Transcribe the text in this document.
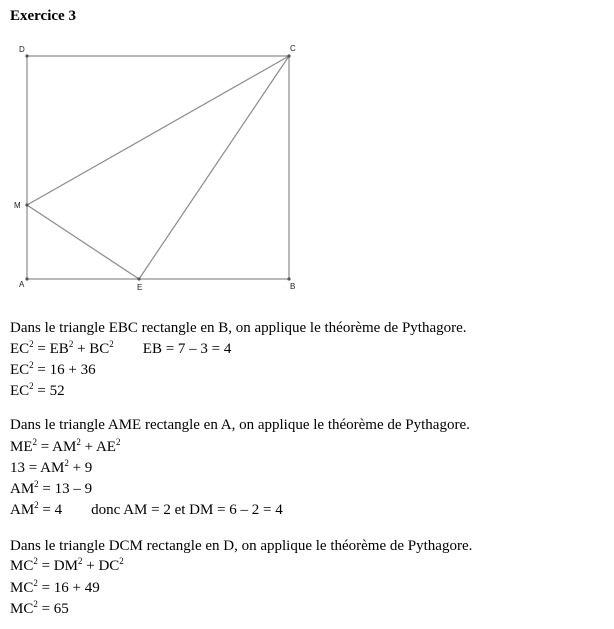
Exercice 3
D	C
M
A	E	B
Dans le triangle EBC rectangle en B, on applique le théorème de Pythagore.
$EC^2 = EB^2 + BC^2$ EB = 7 – 3 = 4
$EC^2 = 16 + 36$
$EC^2 = 52$
Dans le triangle AME rectangle en A, on applique le théorème de Pythagore.
$ME^2 = AM^2 + AE^2$
$13 = AM^2 + 9$
$AM^2 = 13 - 9$
$AM^2 = 4$ donc AM = 2 et DM = 6 – 2 = 4
Dans le triangle DCM rectangle en D, on applique le théorème de Pythagore.
$MC^2 = DM^2 + DC^2$
$MC^2 = 16 + 49$
$MC^2 = 65$
